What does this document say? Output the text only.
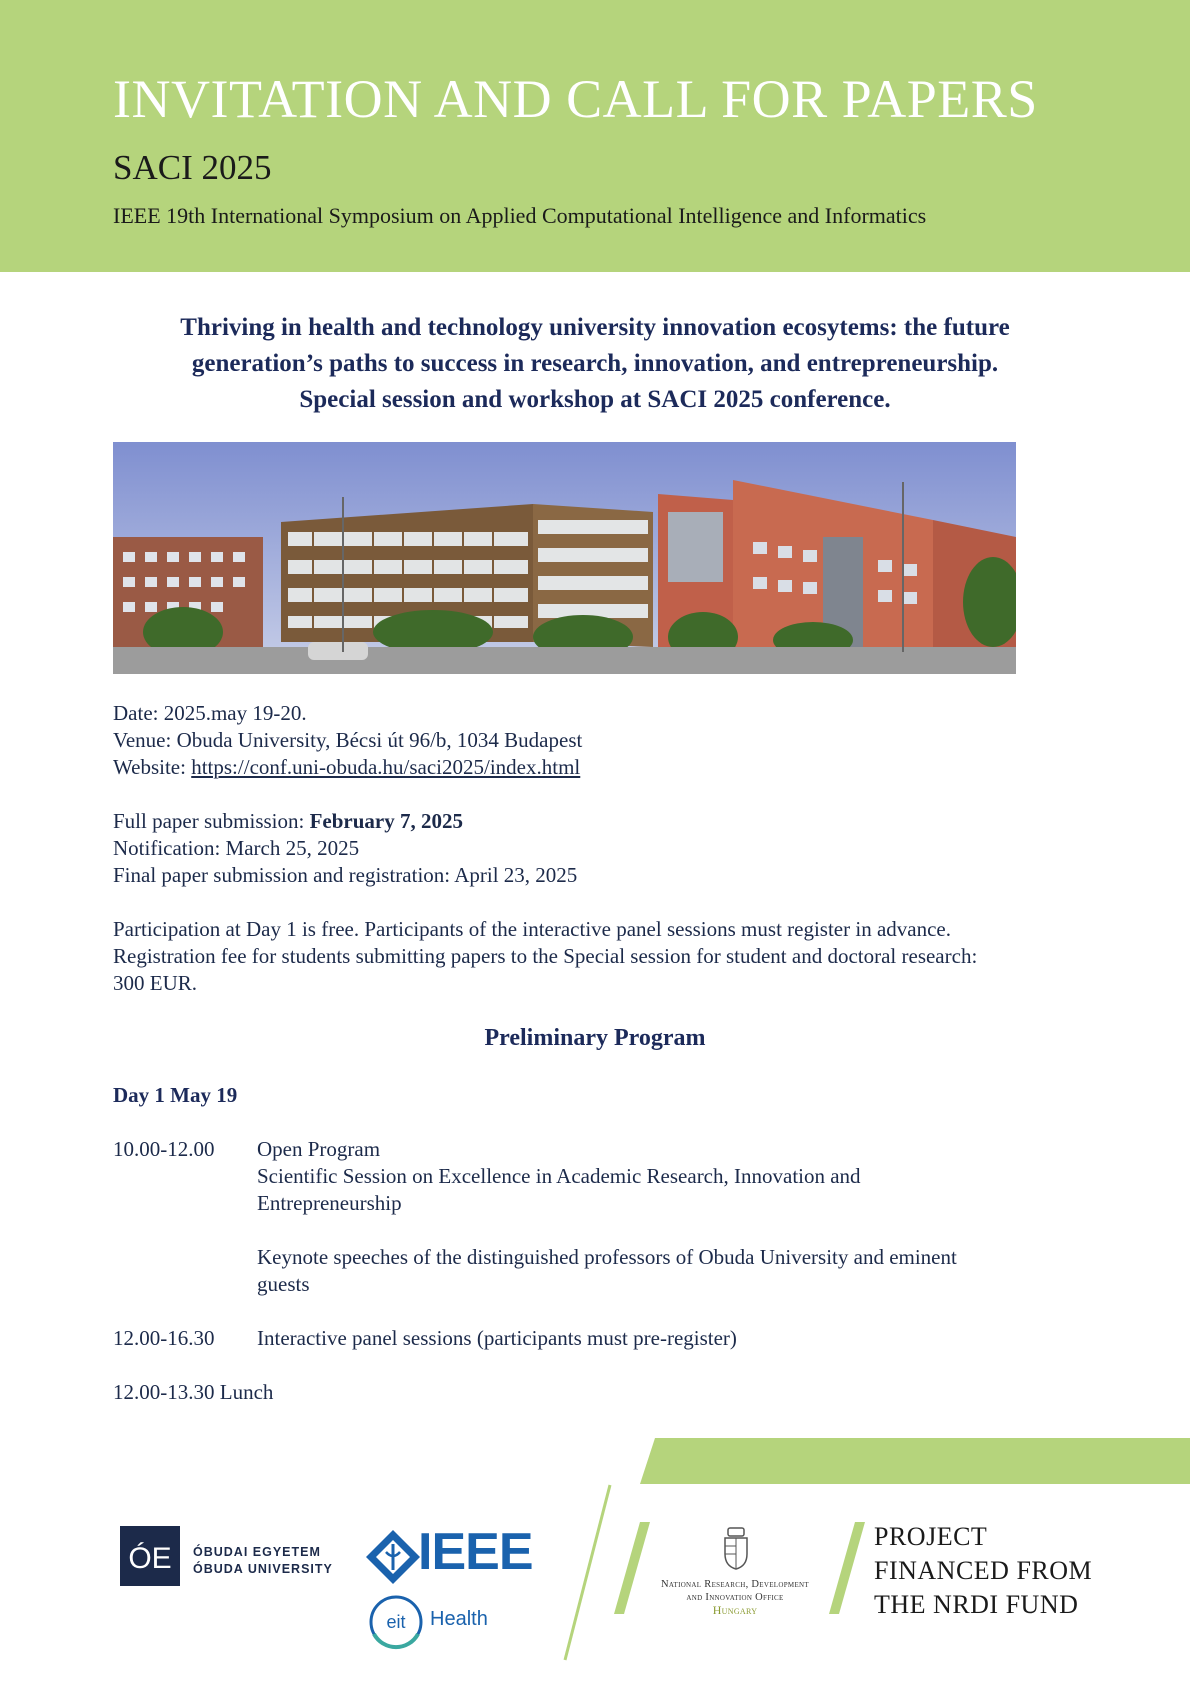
INVITATION AND CALL FOR PAPERS
SACI 2025
IEEE 19th International Symposium on Applied Computational Intelligence and Informatics
Thriving in health and technology university innovation ecosytems: the future
generation’s paths to success in research, innovation, and entrepreneurship.
Special session and workshop at SACI 2025 conference.

Date: 2025.may 19-20.

Venue: Obuda University, Bécsi út 96/b, 1034 Budapest

Website: https://conf.uni-obuda.hu/saci2025/index.html

Full paper submission: February 7, 2025

Notification: March 25, 2025

Final paper submission and registration: April 23, 2025

Participation at Day 1 is free. Participants of the interactive panel sessions must register in advance.

Registration fee for students submitting papers to the Special session for student and doctoral research:

300 EUR.

Preliminary Program
Day 1 May 19
10.00-12.00 Open Program
Scientific Session on Excellence in Academic Research, Innovation and
Entrepreneurship
Keynote speeches of the distinguished professors of Obuda University and eminent
guests
12.00-16.30 Interactive panel sessions (participants must pre-register)
12.00-13.30 Lunch
ÓE ÓBUDAI EGYETEM
ÓBUDA UNIVERSITY IEEE
eit Health
National Research, Development
and Innovation Office
Hungary
PROJECT
FINANCED FROM
THE NRDI FUND
